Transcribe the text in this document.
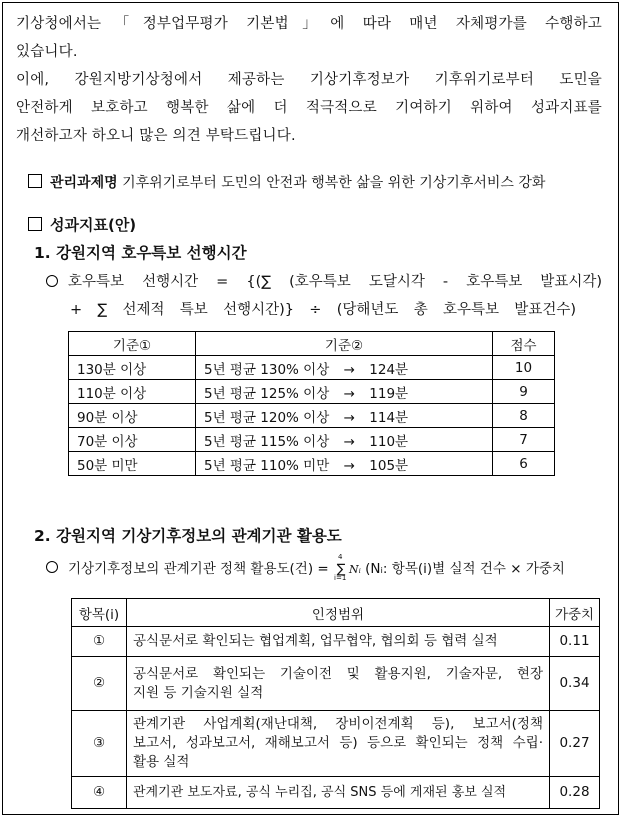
기상청에서는「정부업무평가 기본법」에 따라 매년 자체평가를 수행하고
있습니다.
이에, 강원지방기상청에서 제공하는 기상기후정보가 기후위기로부터 도민을
안전하게 보호하고 행복한 삶에 더 적극적으로 기여하기 위하여 성과지표를
개선하고자 하오니 많은 의견 부탁드립니다.
관리과제명 기후위기로부터 도민의 안전과 행복한 삶을 위한 기상기후서비스 강화
성과지표(안)
1. 강원지역 호우특보 선행시간
호우특보 선행시간 = {(∑ (호우특보 도달시각 - 호우특보 발표시각)
+ ∑ 선제적 특보 선행시간)} ÷ (당해년도 총 호우특보 발표건수)
기준①	기준②	점수
130분 이상	5년 평균 130% 이상 → 124분	10
110분 이상	5년 평균 125% 이상 → 119분	9
90분 이상	5년 평균 120% 이상 → 114분	8
70분 이상	5년 평균 115% 이상 → 110분	7
50분 미만	5년 평균 110% 미만 → 105분	6
2. 강원지역 기상기후정보의 관계기관 활용도
기상기후정보의 관계기관 정책 활용도(건) =
4
∑
i=1
Nᵢ (Nᵢ: 항목(i)별 실적 건수 × 가중치
항목(i)	인정범위	가중치
①	공식문서로 확인되는 협업계획, 업무협약, 협의회 등 협력 실적	0.11
②	공식문서로 확인되는 기술이전 및 활용지원, 기술자문, 현장
지원 등 기술지원 실적	0.34
③	관계기관 사업계획(재난대책, 장비이전계획 등), 보고서(정책
보고서, 성과보고서, 재해보고서 등) 등으로 확인되는 정책 수립·
활용 실적	0.27
④	관계기관 보도자료, 공식 누리집, 공식 SNS 등에 게재된 홍보 실적	0.28
